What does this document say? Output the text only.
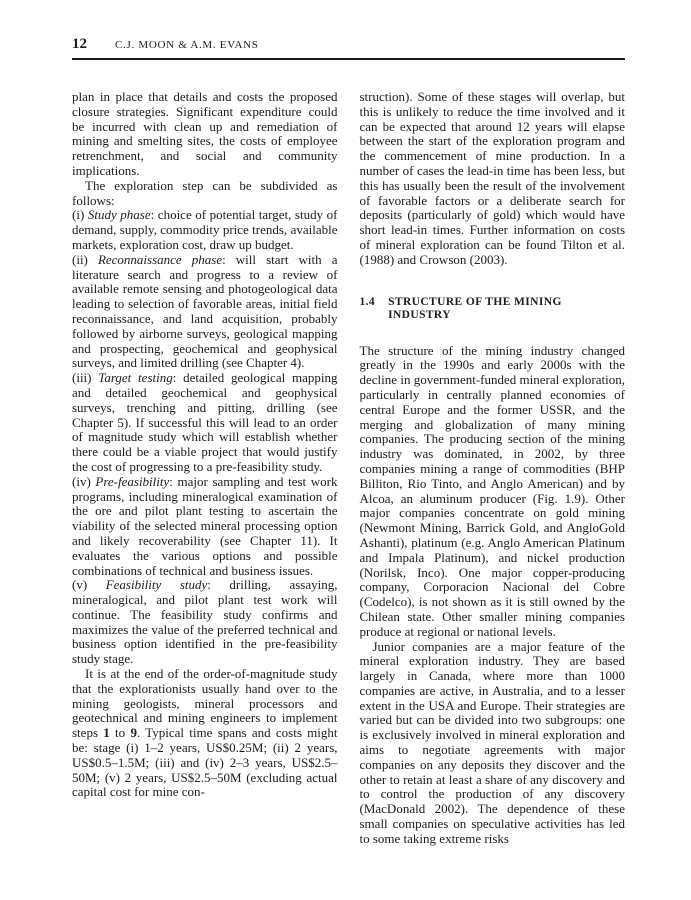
12	C.J. MOON & A.M. EVANS

plan in place that details and costs the proposed closure strategies. Significant expenditure could be incurred with clean up and remediation of mining and smelting sites, the costs of employee retrenchment, and social and community implications.

The exploration step can be subdivided as follows:

(i) Study phase: choice of potential target, study of demand, supply, commodity price trends, available markets, exploration cost, draw up budget.

(ii) Reconnaissance phase: will start with a literature search and progress to a review of available remote sensing and photogeological data leading to selection of favorable areas, initial field reconnaissance, and land acquisition, probably followed by airborne surveys, geological mapping and prospecting, geochemical and geophysical surveys, and limited drilling (see Chapter 4).

(iii) Target testing: detailed geological mapping and detailed geochemical and geophysical surveys, trenching and pitting, drilling (see Chapter 5). If successful this will lead to an order of magnitude study which will establish whether there could be a viable project that would justify the cost of progressing to a pre-feasibility study.

(iv) Pre-feasibility: major sampling and test work programs, including mineralogical examination of the ore and pilot plant testing to ascertain the viability of the selected mineral processing option and likely recoverability (see Chapter 11). It evaluates the various options and possible combinations of technical and business issues.

(v) Feasibility study: drilling, assaying, mineralogical, and pilot plant test work will continue. The feasibility study confirms and maximizes the value of the preferred technical and business option identified in the pre-feasibility study stage.

It is at the end of the order-of-magnitude study that the explorationists usually hand over to the mining geologists, mineral processors and geotechnical and mining engineers to implement steps 1 to 9. Typical time spans and costs might be: stage (i) 1–2 years, US$0.25M; (ii) 2 years, US$0.5–1.5M; (iii) and (iv) 2–3 years, US$2.5–50M; (v) 2 years, US$2.5–50M (excluding actual capital cost for mine con-

struction). Some of these stages will overlap, but this is unlikely to reduce the time involved and it can be expected that around 12 years will elapse between the start of the exploration program and the commencement of mine production. In a number of cases the lead-in time has been less, but this has usually been the result of the involvement of favorable factors or a deliberate search for deposits (particularly of gold) which would have short lead-in times. Further information on costs of mineral exploration can be found Tilton et al. (1988) and Crowson (2003).

1.4 STRUCTURE OF THE MINING INDUSTRY

The structure of the mining industry changed greatly in the 1990s and early 2000s with the decline in government-funded mineral exploration, particularly in centrally planned economies of central Europe and the former USSR, and the merging and globalization of many mining companies. The producing section of the mining industry was dominated, in 2002, by three companies mining a range of commodities (BHP Billiton, Rio Tinto, and Anglo American) and by Alcoa, an aluminum producer (Fig. 1.9). Other major companies concentrate on gold mining (Newmont Mining, Barrick Gold, and AngloGold Ashanti), platinum (e.g. Anglo American Platinum and Impala Platinum), and nickel production (Norilsk, Inco). One major copper-producing company, Corporacion Nacional del Cobre (Codelco), is not shown as it is still owned by the Chilean state. Other smaller mining companies produce at regional or national levels.

Junior companies are a major feature of the mineral exploration industry. They are based largely in Canada, where more than 1000 companies are active, in Australia, and to a lesser extent in the USA and Europe. Their strategies are varied but can be divided into two subgroups: one is exclusively involved in mineral exploration and aims to negotiate agreements with major companies on any deposits they discover and the other to retain at least a share of any discovery and to control the production of any discovery (MacDonald 2002). The dependence of these small companies on speculative activities has led to some taking extreme risks
